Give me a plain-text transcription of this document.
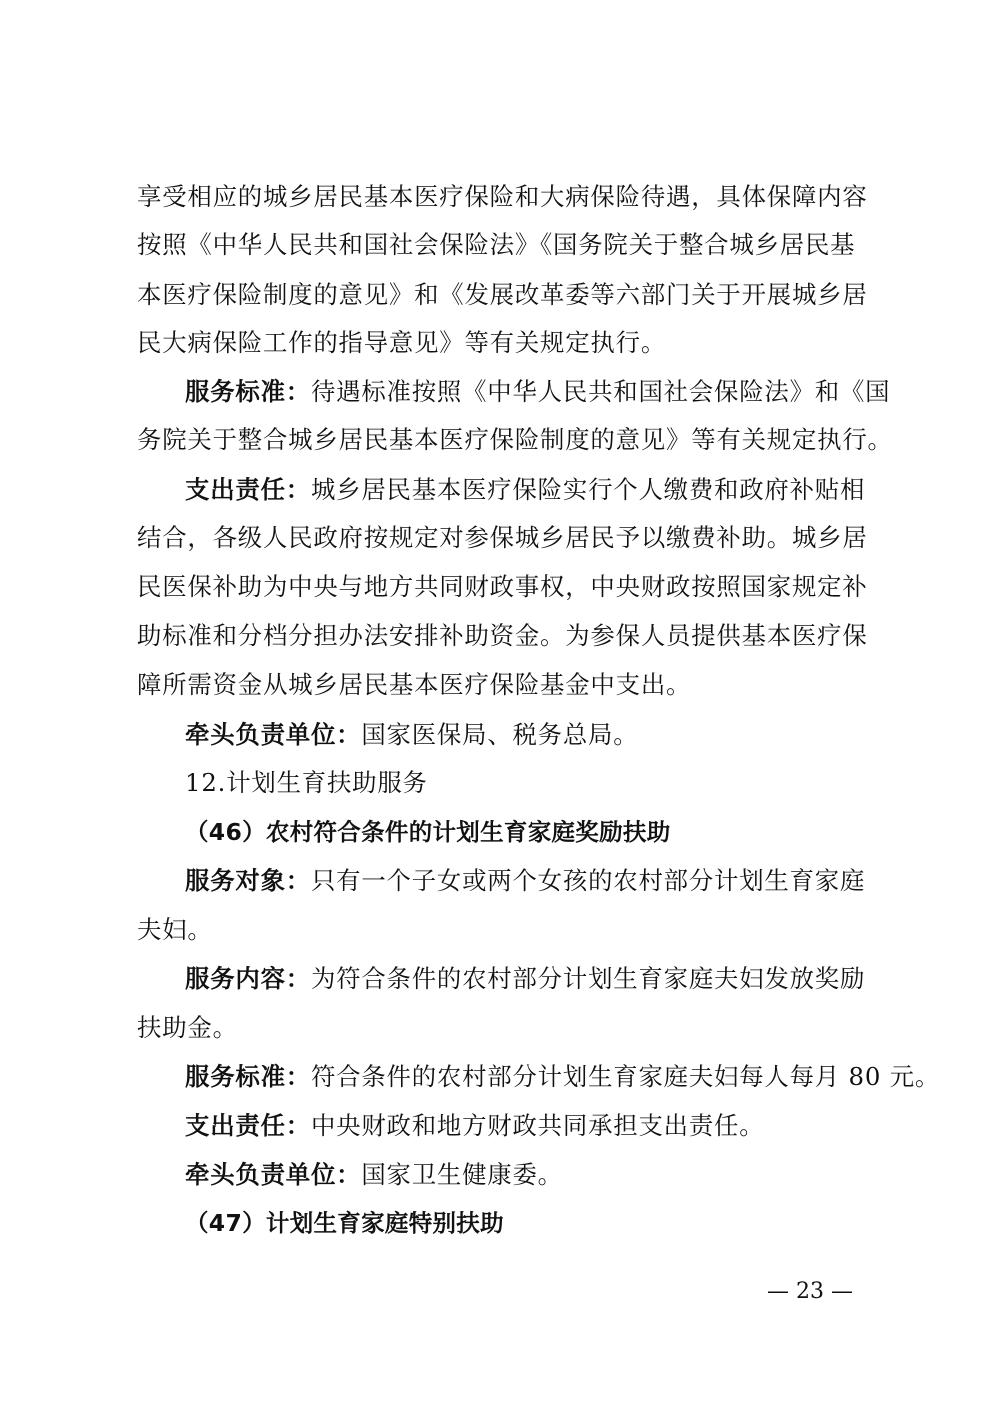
享受相应的城乡居民基本医疗保险和大病保险待遇，具体保障内容
按照《中华人民共和国社会保险法》《国务院关于整合城乡居民基
本医疗保险制度的意见》和《发展改革委等六部门关于开展城乡居
民大病保险工作的指导意见》等有关规定执行。
服务标准：待遇标准按照《中华人民共和国社会保险法》和《国
务院关于整合城乡居民基本医疗保险制度的意见》等有关规定执行。
支出责任：城乡居民基本医疗保险实行个人缴费和政府补贴相
结合，各级人民政府按规定对参保城乡居民予以缴费补助。城乡居
民医保补助为中央与地方共同财政事权，中央财政按照国家规定补
助标准和分档分担办法安排补助资金。为参保人员提供基本医疗保
障所需资金从城乡居民基本医疗保险基金中支出。
牵头负责单位：国家医保局、税务总局。
12.计划生育扶助服务
（46）农村符合条件的计划生育家庭奖励扶助
服务对象：只有一个子女或两个女孩的农村部分计划生育家庭
夫妇。
服务内容：为符合条件的农村部分计划生育家庭夫妇发放奖励
扶助金。
服务标准：符合条件的农村部分计划生育家庭夫妇每人每月 80 元。
支出责任：中央财政和地方财政共同承担支出责任。
牵头负责单位：国家卫生健康委。
（47）计划生育家庭特别扶助
— 23 —
